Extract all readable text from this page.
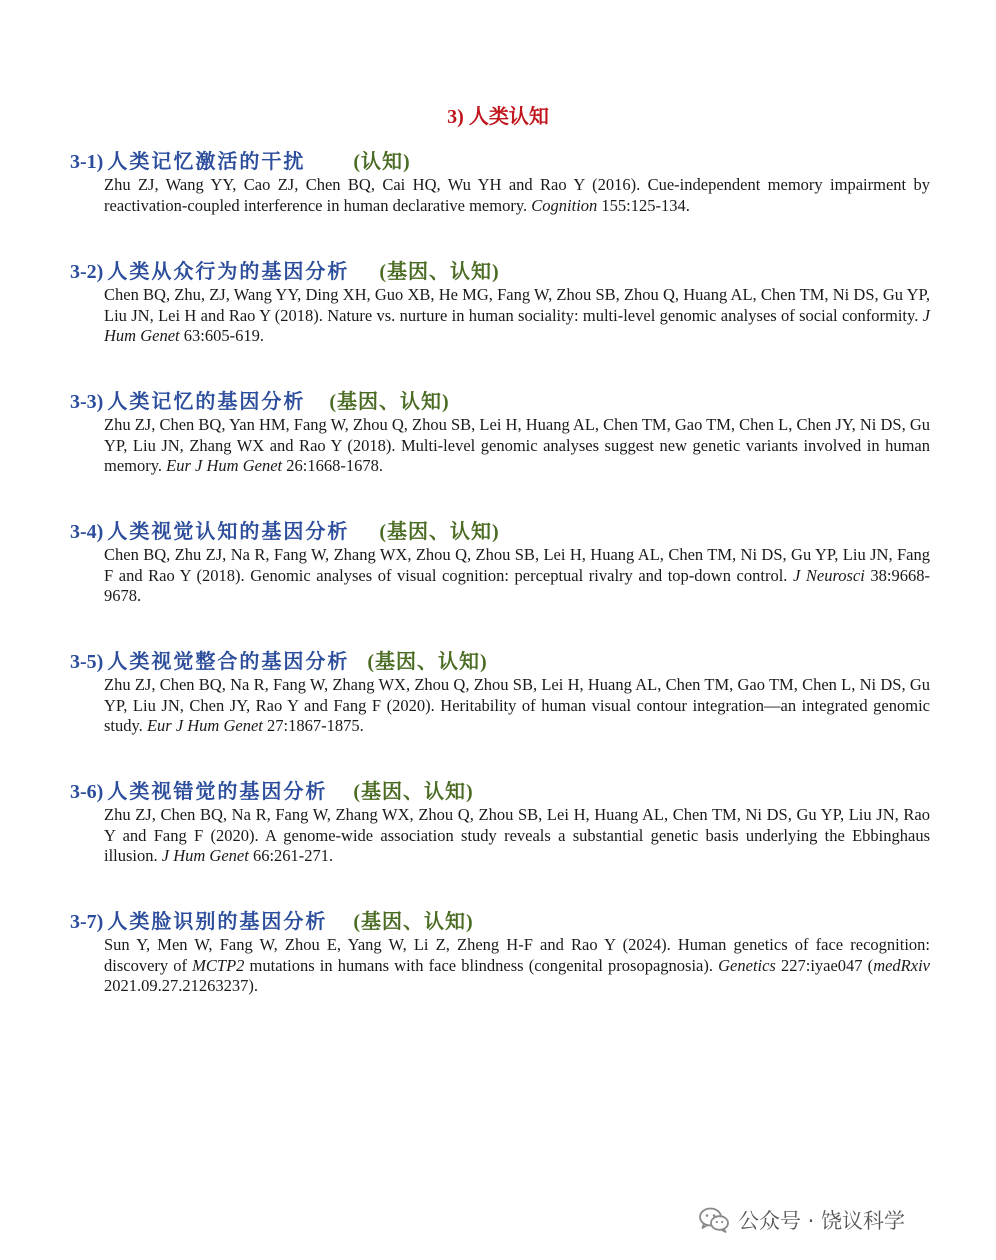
3) 人类认知
3-1) 人类记忆激活的干扰 (认知)
Zhu ZJ, Wang YY, Cao ZJ, Chen BQ, Cai HQ, Wu YH and Rao Y (2016). Cue-independent memory impairment by reactivation-coupled interference in human declarative memory. Cognition 155:125-134.
3-2) 人类从众行为的基因分析 (基因、认知)
Chen BQ, Zhu, ZJ, Wang YY, Ding XH, Guo XB, He MG, Fang W, Zhou SB, Zhou Q, Huang AL, Chen TM, Ni DS, Gu YP, Liu JN, Lei H and Rao Y (2018). Nature vs. nurture in human sociality: multi-level genomic analyses of social conformity. J Hum Genet 63:605-619.
3-3) 人类记忆的基因分析 (基因、认知)
Zhu ZJ, Chen BQ, Yan HM, Fang W, Zhou Q, Zhou SB, Lei H, Huang AL, Chen TM, Gao TM, Chen L, Chen JY, Ni DS, Gu YP, Liu JN, Zhang WX and Rao Y (2018). Multi-level genomic analyses suggest new genetic variants involved in human memory. Eur J Hum Genet 26:1668-1678.
3-4) 人类视觉认知的基因分析 (基因、认知)
Chen BQ, Zhu ZJ, Na R, Fang W, Zhang WX, Zhou Q, Zhou SB, Lei H, Huang AL, Chen TM, Ni DS, Gu YP, Liu JN, Fang F and Rao Y (2018). Genomic analyses of visual cognition: perceptual rivalry and top-down control. J Neurosci 38:9668-9678.
3-5) 人类视觉整合的基因分析 (基因、认知)
Zhu ZJ, Chen BQ, Na R, Fang W, Zhang WX, Zhou Q, Zhou SB, Lei H, Huang AL, Chen TM, Gao TM, Chen L, Ni DS, Gu YP, Liu JN, Chen JY, Rao Y and Fang F (2020). Heritability of human visual contour integration—an integrated genomic study. Eur J Hum Genet 27:1867-1875.
3-6) 人类视错觉的基因分析 (基因、认知)
Zhu ZJ, Chen BQ, Na R, Fang W, Zhang WX, Zhou Q, Zhou SB, Lei H, Huang AL, Chen TM, Ni DS, Gu YP, Liu JN, Rao Y and Fang F (2020). A genome-wide association study reveals a substantial genetic basis underlying the Ebbinghaus illusion. J Hum Genet 66:261-271.
3-7) 人类脸识别的基因分析 (基因、认知)
Sun Y, Men W, Fang W, Zhou E, Yang W, Li Z, Zheng H-F and Rao Y (2024). Human genetics of face recognition: discovery of MCTP2 mutations in humans with face blindness (congenital prosopagnosia). Genetics 227:iyae047 (medRxiv 2021.09.27.21263237).
公众号 · 饶议科学
